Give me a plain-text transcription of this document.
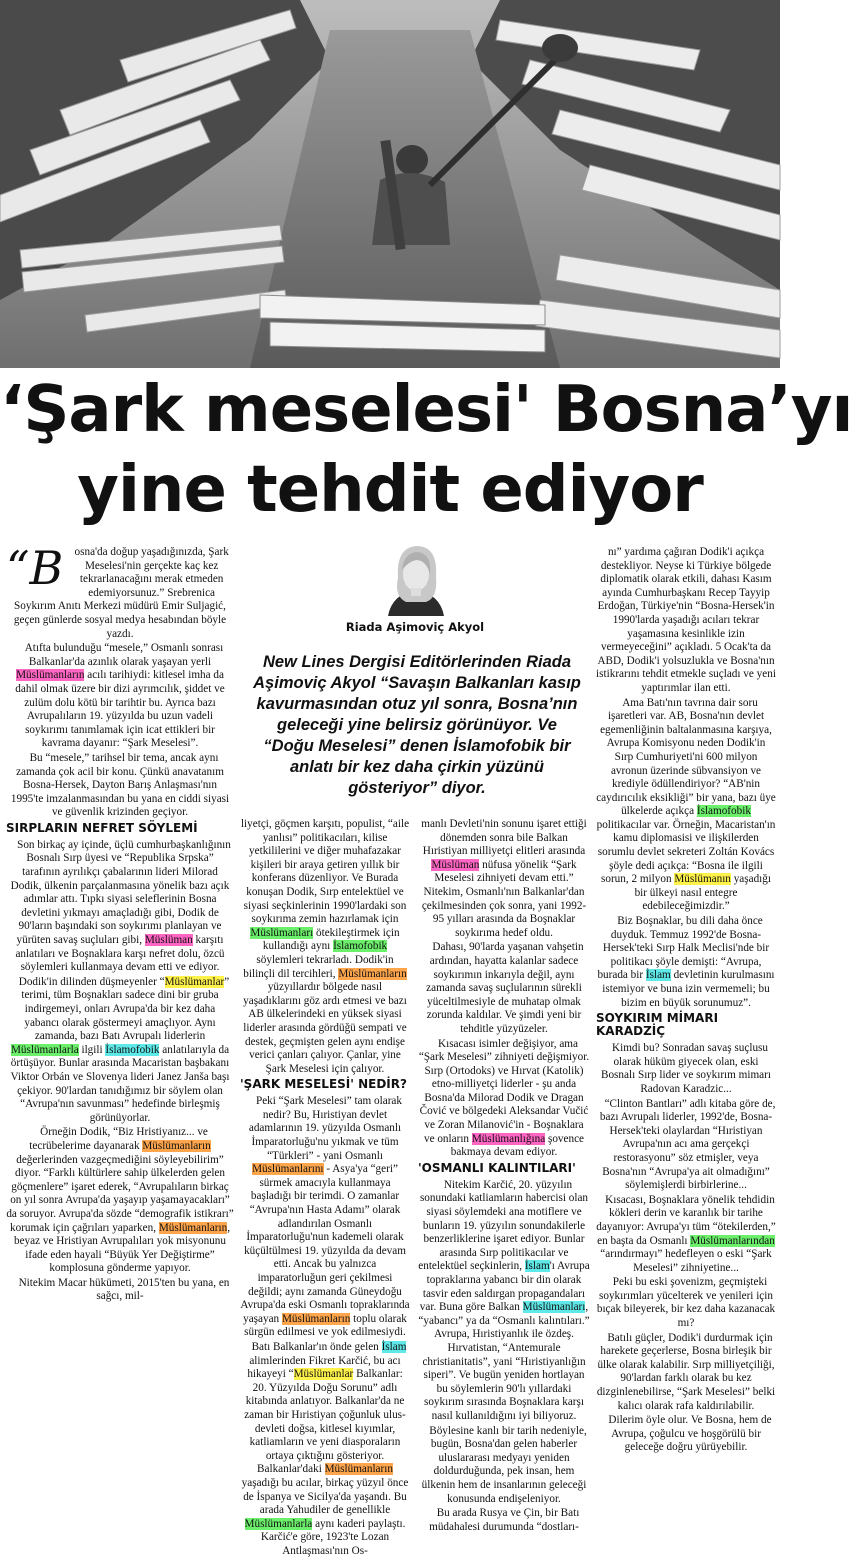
‘Şark meselesi' Bosna’yı
yine tehdit ediyor

“B osna'da doğup yaşadığınızda, Şark Meselesi'nin gerçekte kaç kez tekrarlanacağını merak etmeden edemiyorsunuz.” Srebrenica Soykırım Anıtı Merkezi müdürü Emir Suljagić, geçen günlerde sosyal medya hesabından böyle yazdı.

Atıfta bulunduğu “mesele,” Osmanlı sonrası Balkanlar'da azınlık olarak yaşayan yerli Müslümanların acılı tarihiydi: kitlesel imha da dahil olmak üzere bir dizi ayrımcılık, şiddet ve zulüm dolu kötü bir tarihtir bu. Ayrıca bazı Avrupalıların 19. yüzyılda bu uzun vadeli soykırımı tanımlamak için icat ettikleri bir kavrama dayanır: “Şark Meselesi”.

Bu “mesele,” tarihsel bir tema, ancak aynı zamanda çok acil bir konu. Çünkü anavatanım Bosna-Hersek, Dayton Barış Anlaşması'nın 1995'te imzalanmasından bu yana en ciddi siyasi ve güvenlik krizinden geçiyor.

SIRPLARIN NEFRET SÖYLEMİ

Son birkaç ay içinde, üçlü cumhurbaşkanlığının Bosnalı Sırp üyesi ve “Republika Srpska” tarafının ayrılıkçı çabalarının lideri Milorad Dodik, ülkenin parçalanmasına yönelik bazı açık adımlar attı. Tıpkı siyasi seleflerinin Bosna devletini yıkmayı amaçladığı gibi, Dodik de 90'ların başındaki son soykırımı planlayan ve yürüten savaş suçluları gibi, Müslüman karşıtı anlatıları ve Boşnaklara karşı nefret dolu, özcü söylemleri kullanmaya devam etti ve ediyor.

Dodik'in dilinden düşmeyenler “Müslümanlar” terimi, tüm Boşnakları sadece dini bir gruba indirgemeyi, onları Avrupa'da bir kez daha yabancı olarak göstermeyi amaçlıyor. Aynı zamanda, bazı Batı Avrupalı liderlerin Müslümanlarla ilgili İslamofobik anlatılarıyla da örtüşüyor. Bunlar arasında Macaristan başbakanı Viktor Orbán ve Slovenya lideri Janez Janša başı çekiyor. 90'lardan tanıdığımız bir söylem olan “Avrupa'nın savunması” hedefinde birleşmiş görünüyorlar.

Örneğin Dodik, “Biz Hristiyanız... ve tecrübelerime dayanarak Müslümanların değerlerinden vazgeçmediğini söyleyebilirim” diyor. “Farklı kültürlere sahip ülkelerden gelen göçmenlere” işaret ederek, “Avrupalıların birkaç on yıl sonra Avrupa'da yaşayıp yaşamayacakları” da soruyor. Avrupa'da sözde “demografik istikrarı” korumak için çağrıları yaparken, Müslümanların, beyaz ve Hristiyan Avrupalıları yok misyonunu ifade eden hayali “Büyük Yer Değiştirme” komplosuna gönderme yapıyor.

Nitekim Macar hükümeti, 2015'ten bu yana, en sağcı, mil-

Riada Aşimoviç Akyol
New Lines Dergisi Editörlerinden Riada Aşimoviç Akyol “Savaşın Balkanları kasıp kavurmasından otuz yıl sonra, Bosna’nın geleceği yine belirsiz görünüyor. Ve “Doğu Meselesi” denen İslamofobik bir anlatı bir kez daha çirkin yüzünü gösteriyor” diyor.

liyetçi, göçmen karşıtı, populist, “aile yanlısı” politikacıları, kilise yetkililerini ve diğer muhafazakar kişileri bir araya getiren yıllık bir konferans düzenliyor. Ve Burada konuşan Dodik, Sırp entelektüel ve siyasi seçkinlerinin 1990'lardaki son soykırıma zemin hazırlamak için Müslümanları ötekileştirmek için kullandığı aynı İslamofobik söylemleri tekrarladı. Dodik'in bilinçli dil tercihleri, Müslümanların yüzyıllardır bölgede nasıl yaşadıklarını göz ardı etmesi ve bazı AB ülkelerindeki en yüksek siyasi liderler arasında gördüğü sempati ve destek, geçmişten gelen aynı endişe verici çanları çalıyor. Çanlar, yine Şark Meselesi için çalıyor.

'ŞARK MESELESİ' NEDİR?

Peki “Şark Meselesi” tam olarak nedir? Bu, Hıristiyan devlet adamlarının 19. yüzyılda Osmanlı İmparatorluğu'nu yıkmak ve tüm “Türkleri” - yani Osmanlı Müslümanlarını - Asya'ya “geri” sürmek amacıyla kullanmaya başladığı bir terimdi. O zamanlar “Avrupa'nın Hasta Adamı” olarak adlandırılan Osmanlı İmparatorluğu'nun kademeli olarak küçültülmesi 19. yüzyılda da devam etti. Ancak bu yalnızca imparatorluğun geri çekilmesi değildi; aynı zamanda Güneydoğu Avrupa'da eski Osmanlı topraklarında yaşayan Müslümanların toplu olarak sürgün edilmesi ve yok edilmesiydi.

Batı Balkanlar'ın önde gelen İslam alimlerinden Fikret Karčić, bu acı hikayeyi “Müslümanlar Balkanlar: 20. Yüzyılda Doğu Sorunu” adlı kitabında anlatıyor. Balkanlar'da ne zaman bir Hıristiyan çoğunluk ulus-devleti doğsa, kitlesel kıyımlar, katliamların ve yeni diasporaların ortaya çıktığını gösteriyor. Balkanlar'daki Müslümanların yaşadığı bu acılar, birkaç yüzyıl önce de İspanya ve Sicilya'da yaşandı. Bu arada Yahudiler de genellikle Müslümanlarla aynı kaderi paylaştı. Karčić'e göre, 1923'te Lozan Antlaşması'nın Os-

manlı Devleti'nin sonunu işaret ettiği dönemden sonra bile Balkan Hıristiyan milliyetçi elitleri arasında Müslüman nüfusa yönelik “Şark Meselesi zihniyeti devam etti.” Nitekim, Osmanlı'nın Balkanlar'dan çekilmesinden çok sonra, yani 1992-95 yılları arasında da Boşnaklar soykırıma hedef oldu.

Dahası, 90'larda yaşanan vahşetin ardından, hayatta kalanlar sadece soykırımın inkarıyla değil, aynı zamanda savaş suçlularının sürekli yüceltilmesiyle de muhatap olmak zorunda kaldılar. Ve şimdi yeni bir tehditle yüzyüzeler.

Kısacası isimler değişiyor, ama “Şark Meselesi” zihniyeti değişmiyor. Sırp (Ortodoks) ve Hırvat (Katolik) etno-milliyetçi liderler - şu anda Bosna'da Milorad Dodik ve Dragan Čović ve bölgedeki Aleksandar Vučić ve Zoran Milanović'in - Boşnaklara ve onların Müslümanlığına şovence bakmaya devam ediyor.

'OSMANLI KALINTILARI'

Nitekim Karčić, 20. yüzyılın sonundaki katliamların habercisi olan siyasi söylemdeki ana motiflere ve bunların 19. yüzyılın sonundakilerle benzerliklerine işaret ediyor. Bunlar arasında Sırp politikacılar ve entelektüel seçkinlerin, İslam'ı Avrupa topraklarına yabancı bir din olarak tasvir eden saldırgan propagandaları var. Buna göre Balkan Müslümanları, “yabancı” ya da “Osmanlı kalıntıları.” Avrupa, Hıristiyanlık ile özdeş. Hırvatistan, “Antemurale christianitatis”, yani “Hıristiyanlığın siperi”. Ve bugün yeniden hortlayan bu söylemlerin 90'lı yıllardaki soykırım sırasında Boşnaklara karşı nasıl kullanıldığını iyi biliyoruz.

Böylesine kanlı bir tarih nedeniyle, bugün, Bosna'dan gelen haberler uluslararası medyayı yeniden doldurduğunda, pek insan, hem ülkenin hem de insanlarının geleceği konusunda endişeleniyor.

Bu arada Rusya ve Çin, bir Batı müdahalesi durumunda “dostları-

nı” yardıma çağıran Dodik'i açıkça destekliyor. Neyse ki Türkiye bölgede diplomatik olarak etkili, dahası Kasım ayında Cumhurbaşkanı Recep Tayyip Erdoğan, Türkiye'nin “Bosna-Hersek'in 1990'larda yaşadığı acıları tekrar yaşamasına kesinlikle izin vermeyeceğini” açıkladı. 5 Ocak'ta da ABD, Dodik'i yolsuzlukla ve Bosna'nın istikrarını tehdit etmekle suçladı ve yeni yaptırımlar ilan etti.

Ama Batı'nın tavrına dair soru işaretleri var. AB, Bosna'nın devlet egemenliğinin baltalanmasına karşıya, Avrupa Komisyonu neden Dodik'in Sırp Cumhuriyeti'ni 600 milyon avronun üzerinde sübvansiyon ve krediyle ödüllendiriyor? “AB'nin caydırıcılık eksikliği” bir yana, bazı üye ülkelerde açıkça İslamofobik politikacılar var. Örneğin, Macaristan'ın kamu diplomasisi ve ilişkilerden sorumlu devlet sekreteri Zoltán Kovács şöyle dedi açıkça: “Bosna ile ilgili sorun, 2 milyon Müslümanın yaşadığı bir ülkeyi nasıl entegre edebileceğimizdir.”

Biz Boşnaklar, bu dili daha önce duyduk. Temmuz 1992'de Bosna-Hersek'teki Sırp Halk Meclisi'nde bir politikacı şöyle demişti: “Avrupa, burada bir İslam devletinin kurulmasını istemiyor ve buna izin vermemeli; bu bizim en büyük sorunumuz”.

SOYKIRIM MİMARI KARADZİÇ

Kimdi bu? Sonradan savaş suçlusu olarak hüküm giyecek olan, eski Bosnalı Sırp lider ve soykırım mimarı Radovan Karadzic...

“Clinton Bantları” adlı kitaba göre de, bazı Avrupalı liderler, 1992'de, Bosna-Hersek'teki olaylardan “Hıristiyan Avrupa'nın acı ama gerçekçi restorasyonu” söz etmişler, veya Bosna'nın “Avrupa'ya ait olmadığını” söylemişlerdi birbirlerine...

Kısacası, Boşnaklara yönelik tehdidin kökleri derin ve karanlık bir tarihe dayanıyor: Avrupa'yı tüm “ötekilerden,” en başta da Osmanlı Müslümanlarından “arındırmayı” hedefleyen o eski “Şark Meselesi” zihniyetine...

Peki bu eski şovenizm, geçmişteki soykırımları yücelterek ve yenileri için bıçak bileyerek, bir kez daha kazanacak mı?

Batılı güçler, Dodik'i durdurmak için harekete geçerlerse, Bosna birleşik bir ülke olarak kalabilir. Sırp milliyetçiliği, 90'lardan farklı olarak bu kez dizginlenebilirse, “Şark Meselesi” belki kalıcı olarak rafa kaldırılabilir.

Dilerim öyle olur. Ve Bosna, hem de Avrupa, çoğulcu ve hoşgörülü bir geleceğe doğru yürüyebilir.
